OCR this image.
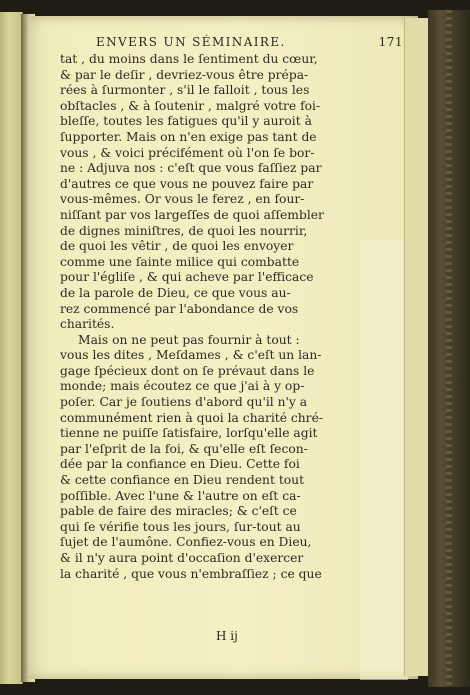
ENVERS UN SÉMINAIRE.	171
tat , du moins dans le ſentiment du cœur,
& par le deſir , devriez-vous être prépa-
rées à ſurmonter , s'il le falloit , tous les
obſtacles , & à ſoutenir , malgré votre foi-
bleſſe, toutes les fatigues qu'il y auroit à
ſupporter. Mais on n'en exige pas tant de
vous , & voici précifément où l'on ſe bor-
ne : Adjuva nos : c'eſt que vous faſſiez par
d'autres ce que vous ne pouvez faire par
vous-mêmes. Or vous le ferez , en four-
niſſant par vos largeſſes de quoi aſſembler
de dignes miniſtres, de quoi les nourrir,
de quoi les vêtir , de quoi les envoyer
comme une ſainte milice qui combatte
pour l'égliſe , & qui acheve par l'efficace
de la parole de Dieu, ce que vous au-
rez commencé par l'abondance de vos
charités.
Mais on ne peut pas fournir à tout :
vous les dites , Meſdames , & c'eſt un lan-
gage ſpécieux dont on ſe prévaut dans le
monde; mais écoutez ce que j'ai à y op-
poſer. Car je ſoutiens d'abord qu'il n'y a
communément rien à quoi la charité chré-
tienne ne puiſſe ſatisfaire, lorſqu'elle agit
par l'eſprit de la foi, & qu'elle eſt ſecon-
dée par la confiance en Dieu. Cette foi
& cette confiance en Dieu rendent tout
poſſible. Avec l'une & l'autre on eſt ca-
pable de faire des miracles; & c'eſt ce
qui ſe vérifie tous les jours, ſur-tout au
ſujet de l'aumône. Confiez-vous en Dieu,
& il n'y aura point d'occaſion d'exercer
la charité , que vous n'embraſſiez ; ce que
H ij
